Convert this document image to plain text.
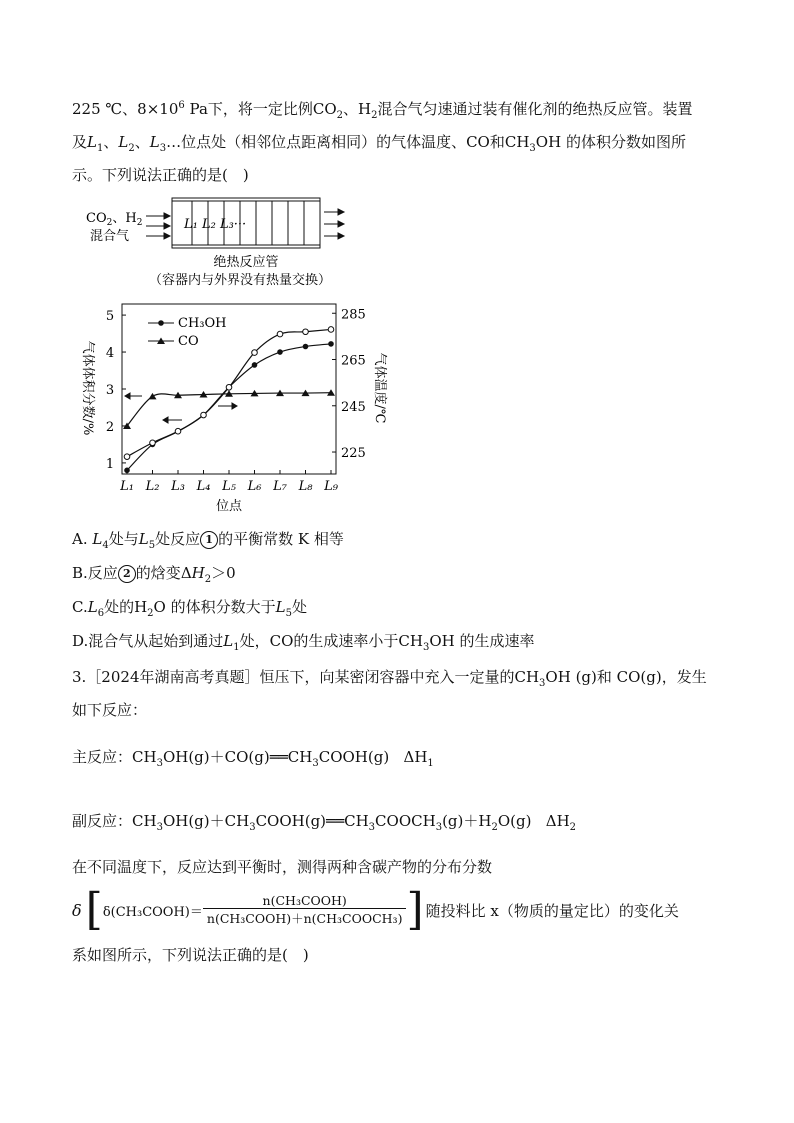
225 ℃、$8\times 10^6$ Pa下，将一定比例$CO_2$、$H_2$混合气匀速通过装有催化剂的绝热反应管。装置
及$L_1$、$L_2$、$L_3\dots$位点处（相邻位点距离相同）的气体温度、CO和$CH_3OH$ 的体积分数如图所
示。下列说法正确的是(　)
$CO_2$、$H_2$
混合气
L₁ L₂ L₃···
绝热反应管
（容器内与外界没有热量交换）
气体体积分数/%	气体温度/℃
位点
CH₃OH
CO
1
2
3
4
5
225
245
265
285
L₁ L₂ L₃ L₄ L₅ L₆ L₇ L₈ L₉
A. $L_4$处与$L_5$处反应 1 的平衡常数 K 相等
B.反应 2 的焓变$\Delta H_2>0$
$C.L_6$处的$H_2O$ 的体积分数大于$L_5$处
D.混合气从起始到通过$L_1$处，CO的生成速率小于$CH_3OH$ 的生成速率
3.［2024年湖南高考真题］恒压下，向某密闭容器中充入一定量的$CH_3OH$ (g)和 CO(g)，发生
如下反应：
主反应：$CH_3OH(g)+CO(g)══CH_3COOH(g)$ $\Delta H_1$
副反应：$CH_3OH(g)+CH_3COOH(g)══CH_3COOCH_3(g)+H_2O(g)$ $\Delta H_2$
在不同温度下，反应达到平衡时，测得两种含碳产物的分布分数
δ [ δ(CH₃COOH)＝ $\frac{\text{n(CH₃COOH)}}{\text{n(CH₃COOH)＋n(CH₃COOCH₃)}}$ ] 随投料比 x（物质的量定比）的变化关
系如图所示，下列说法正确的是(　)
